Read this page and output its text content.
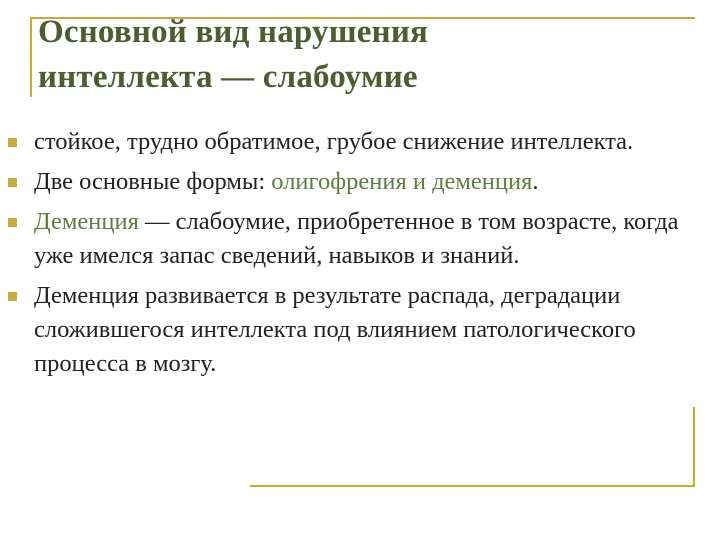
Основной вид нарушения
интеллекта — слабоумие
стойкое, трудно обратимое, грубое снижение интеллекта.
Две основные формы: олигофрения и деменция.
Деменция — слабоумие, приобретенное в том возрасте, когда уже имелся запас сведений, навыков и знаний.
Деменция развивается в результате распада, деградации сложившегося интеллекта под влиянием патологического процесса в мозгу.
